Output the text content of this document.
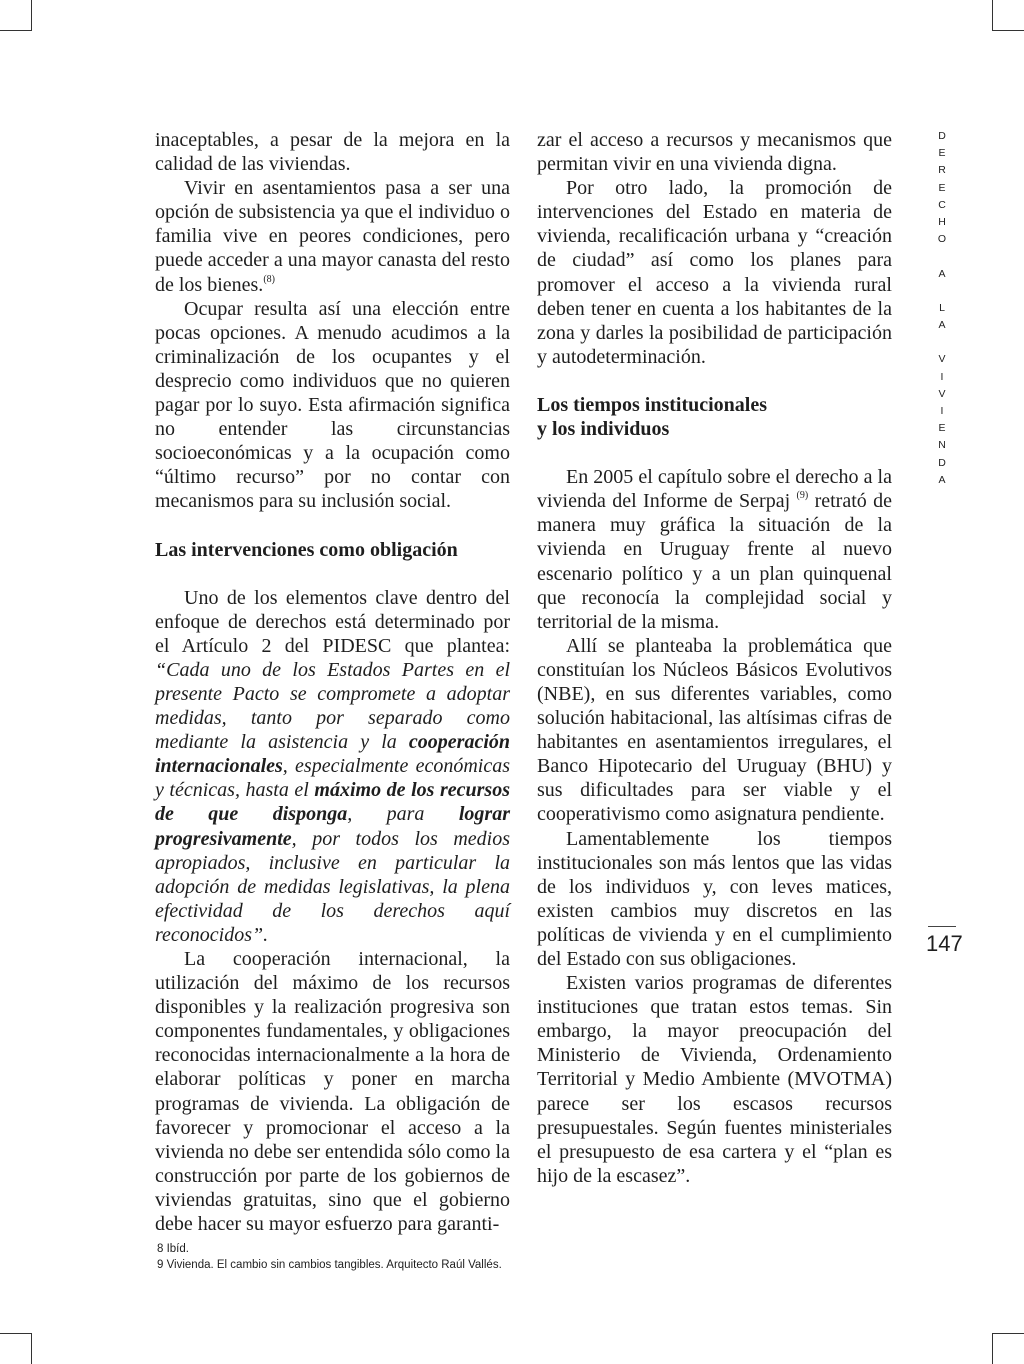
inaceptables, a pesar de la mejora en la calidad de las viviendas.

Vivir en asentamientos pasa a ser una opción de subsistencia ya que el individuo o familia vive en peores condiciones, pero puede acceder a una mayor canasta del resto de los bienes.$^{(8)}$

Ocupar resulta así una elección entre pocas opciones. A menudo acudimos a la criminalización de los ocupantes y el desprecio como individuos que no quieren pagar por lo suyo. Esta afirmación significa no entender las circunstancias socioeconómicas y a la ocupación como “último recurso” por no contar con mecanismos para su inclusión social.

Las intervenciones como obligación

Uno de los elementos clave dentro del enfoque de derechos está determinado por el Artículo 2 del PIDESC que plantea: “Cada uno de los Estados Partes en el presente Pacto se compromete a adoptar medidas, tanto por separado como mediante la asistencia y la cooperación internacionales, especialmente económicas y técnicas, hasta el máximo de los recursos de que disponga, para lograr progresivamente, por todos los medios apropiados, inclusive en particular la adopción de medidas legislativas, la plena efectividad de los derechos aquí reconocidos”.

La cooperación internacional, la utilización del máximo de los recursos disponibles y la realización progresiva son componentes fundamentales, y obligaciones reconocidas internacionalmente a la hora de elaborar políticas y poner en marcha programas de vivienda. La obligación de favorecer y promocionar el acceso a la vivienda no debe ser entendida sólo como la construcción por parte de los gobiernos de viviendas gratuitas, sino que el gobierno debe hacer su mayor esfuerzo para garanti-

zar el acceso a recursos y mecanismos que permitan vivir en una vivienda digna.

Por otro lado, la promoción de intervenciones del Estado en materia de vivienda, recalificación urbana y “creación de ciudad” así como los planes para promover el acceso a la vivienda rural deben tener en cuenta a los habitantes de la zona y darles la posibilidad de participación y autodeterminación.

Los tiempos institucionales
y los individuos

En 2005 el capítulo sobre el derecho a la vivienda del Informe de Serpaj $^{(9)}$ retrató de manera muy gráfica la situación de la vivienda en Uruguay frente al nuevo escenario político y a un plan quinquenal que reconocía la complejidad social y territorial de la misma.

Allí se planteaba la problemática que constituían los Núcleos Básicos Evolutivos (NBE), en sus diferentes variables, como solución habitacional, las altísimas cifras de habitantes en asentamientos irregulares, el Banco Hipotecario del Uruguay (BHU) y sus dificultades para ser viable y el cooperativismo como asignatura pendiente.

Lamentablemente los tiempos institucionales son más lentos que las vidas de los individuos y, con leves matices, existen cambios muy discretos en las políticas de vivienda y en el cumplimiento del Estado con sus obligaciones.

Existen varios programas de diferentes instituciones que tratan estos temas. Sin embargo, la mayor preocupación del Ministerio de Vivienda, Ordenamiento Territorial y Medio Ambiente (MVOTMA) parece ser los escasos recursos presupuestales. Según fuentes ministeriales el presupuesto de esa cartera y el “plan es hijo de la escasez”.

D
E
R
E
C
H
O

A

L
A

V
I
V
I
E
N
D
A
147
8 Ibíd.
9 Vivienda. El cambio sin cambios tangibles. Arquitecto Raúl Vallés.
